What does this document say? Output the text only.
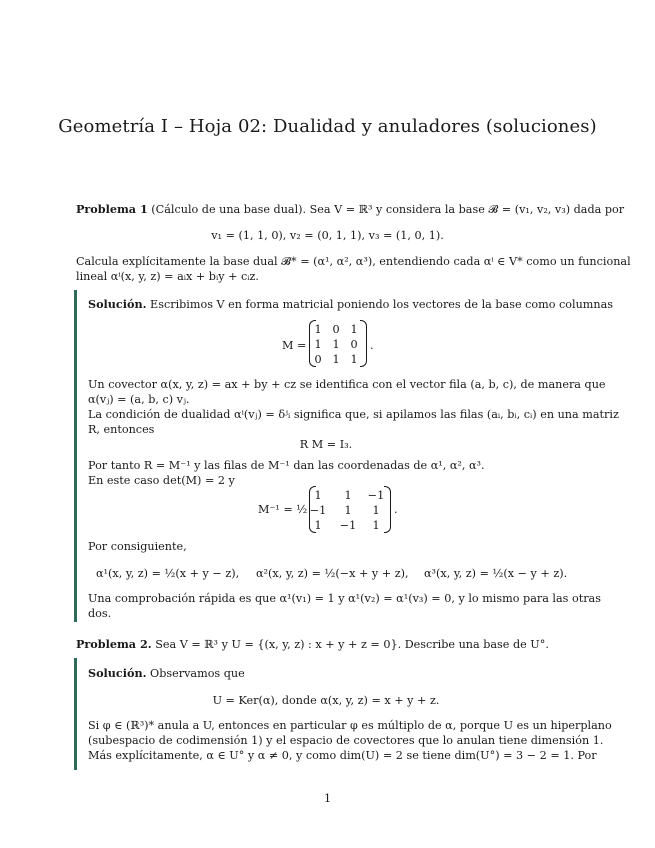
Geometría I – Hoja 02: Dualidad y anuladores (soluciones)
Problema 1 (Cálculo de una base dual). Sea V = ℝ³ y considera la base 𝓑 = (v₁, v₂, v₃) dada por
v₁ = (1, 1, 0), v₂ = (0, 1, 1), v₃ = (1, 0, 1).
Calcula explícitamente la base dual 𝓑* = (α¹, α², α³), entendiendo cada αⁱ ∈ V* como un funcional
lineal αⁱ(x, y, z) = aᵢx + bᵢy + cᵢz.
Solución. Escribimos V en forma matricial poniendo los vectores de la base como columnas
M =
1 0 1
1 1 0
0 1 1
.
Un covector α(x, y, z) = ax + by + cz se identifica con el vector fila (a, b, c), de manera que
α(vⱼ) = (a, b, c) vⱼ.
La condición de dualidad αⁱ(vⱼ) = δʲᵢ significa que, si apilamos las filas (aᵢ, bᵢ, cᵢ) en una matriz
R, entonces
R M = I₃.
Por tanto R = M⁻¹ y las filas de M⁻¹ dan las coordenadas de α¹, α², α³.
En este caso det(M) = 2 y
M⁻¹ = ½
1	1	−1
−1	1	1
1	−1	1
.
Por consiguiente,
α¹(x, y, z) = ½(x + y − z), α²(x, y, z) = ½(−x + y + z), α³(x, y, z) = ½(x − y + z).
Una comprobación rápida es que α¹(v₁) = 1 y α¹(v₂) = α¹(v₃) = 0, y lo mismo para las otras
dos.
Problema 2. Sea V = ℝ³ y U = {(x, y, z) : x + y + z = 0}. Describe una base de U°.
Solución. Observamos que
U = Ker(α), donde α(x, y, z) = x + y + z.
Si φ ∈ (ℝ³)* anula a U, entonces en particular φ es múltiplo de α, porque U es un hiperplano
(subespacio de codimensión 1) y el espacio de covectores que lo anulan tiene dimensión 1.
Más explícitamente, α ∈ U° y α ≠ 0, y como dim(U) = 2 se tiene dim(U°) = 3 − 2 = 1. Por
1
